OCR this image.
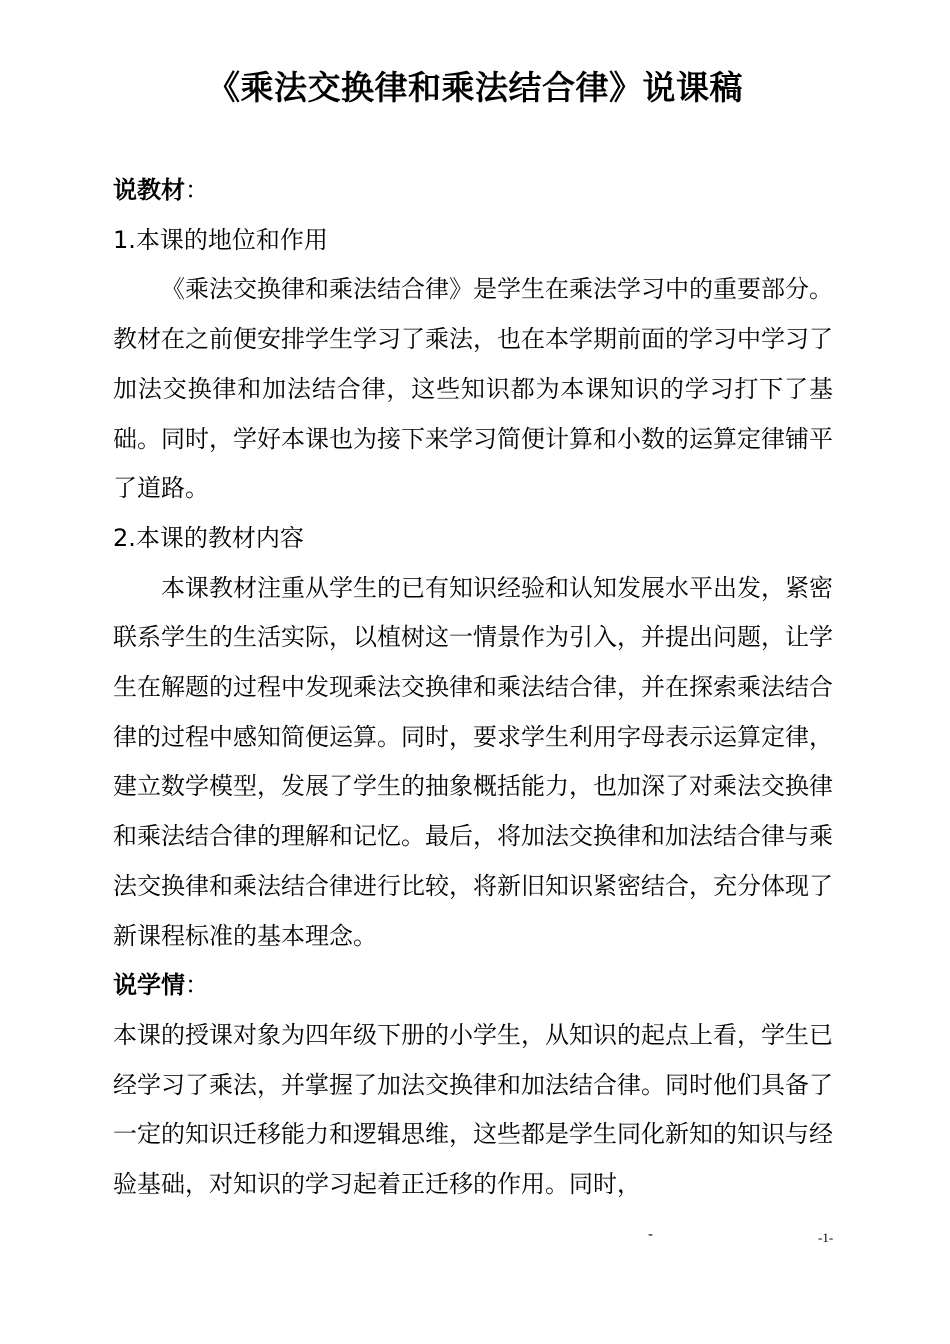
《乘法交换律和乘法结合律》说课稿

说教材：

1.本课的地位和作用

《乘法交换律和乘法结合律》是学生在乘法学习中的重要部分。教材在之前便安排学生学习了乘法，也在本学期前面的学习中学习了加法交换律和加法结合律，这些知识都为本课知识的学习打下了基础。同时，学好本课也为接下来学习简便计算和小数的运算定律铺平了道路。

2.本课的教材内容

本课教材注重从学生的已有知识经验和认知发展水平出发，紧密联系学生的生活实际，以植树这一情景作为引入，并提出问题，让学生在解题的过程中发现乘法交换律和乘法结合律，并在探索乘法结合律的过程中感知简便运算。同时，要求学生利用字母表示运算定律，建立数学模型，发展了学生的抽象概括能力，也加深了对乘法交换律和乘法结合律的理解和记忆。最后，将加法交换律和加法结合律与乘法交换律和乘法结合律进行比较，将新旧知识紧密结合，充分体现了新课程标准的基本理念。

说学情：

本课的授课对象为四年级下册的小学生，从知识的起点上看，学生已经学习了乘法，并掌握了加法交换律和加法结合律。同时他们具备了一定的知识迁移能力和逻辑思维，这些都是学生同化新知的知识与经验基础，对知识的学习起着正迁移的作用。同时，

-	-1-
